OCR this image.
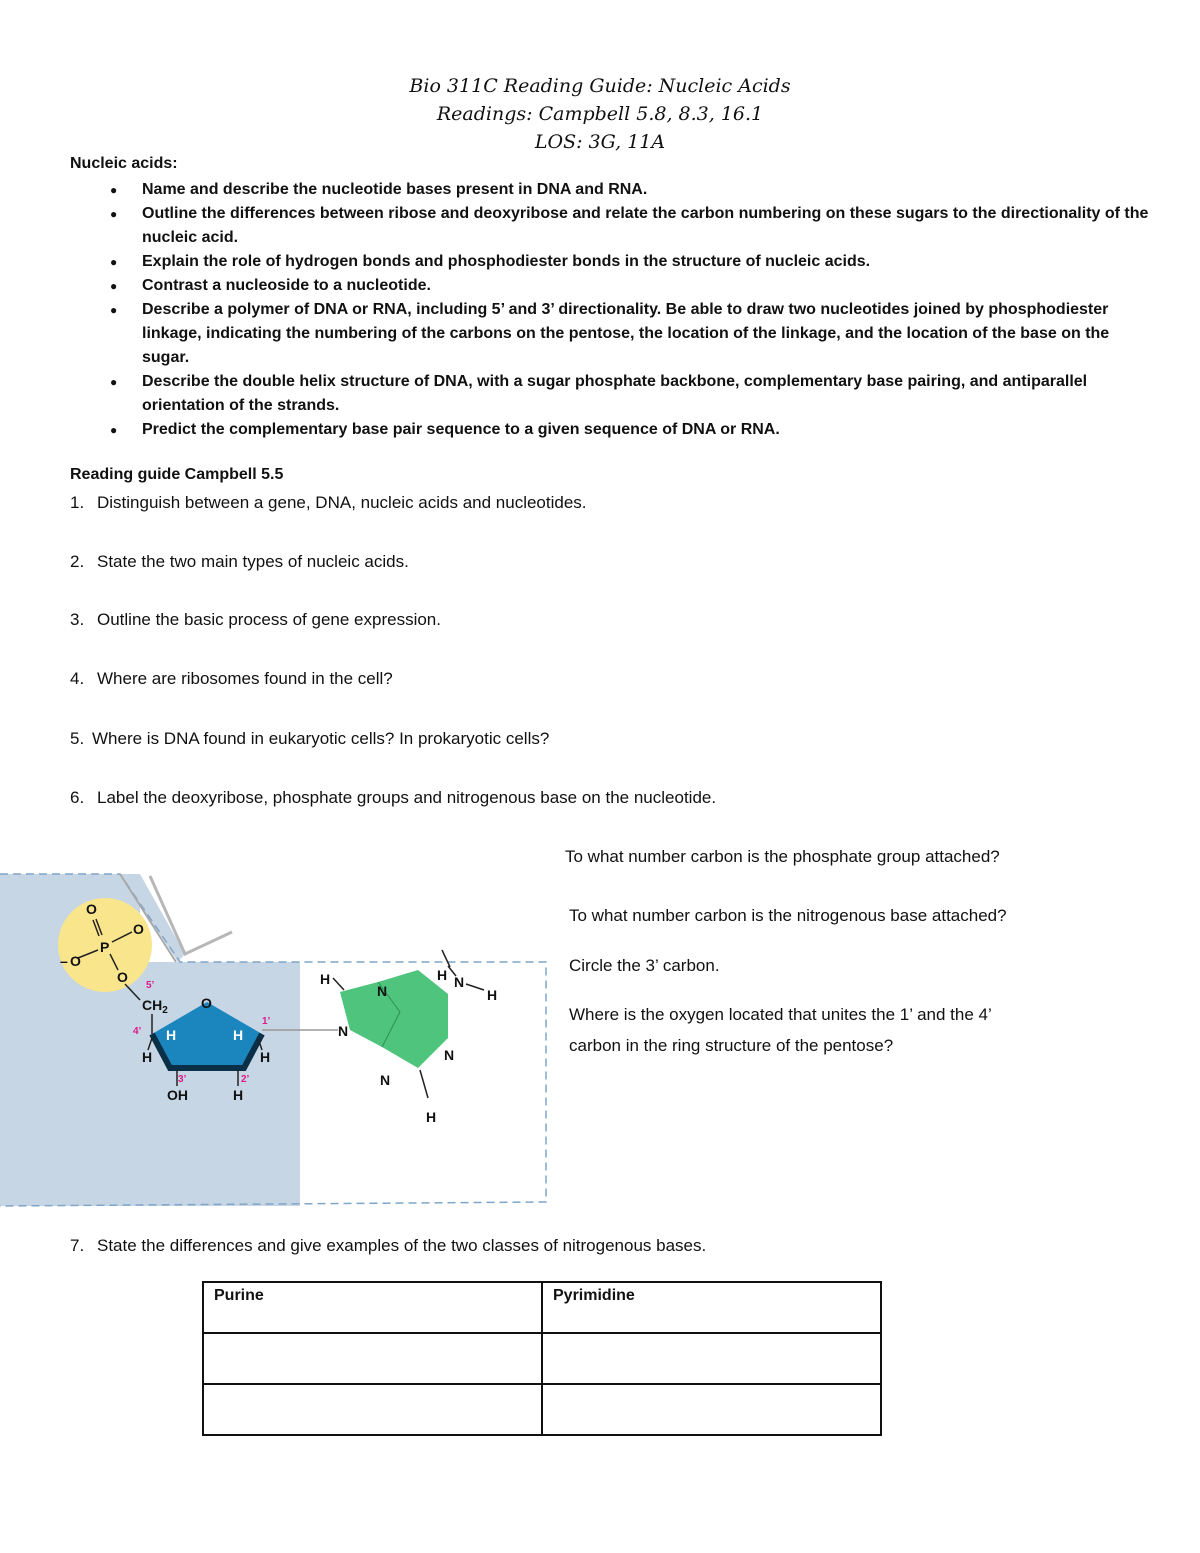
Bio 311C Reading Guide: Nucleic Acids
Readings: Campbell 5.8, 8.3, 16.1
LOS: 3G, 11A
Nucleic acids:
● Name and describe the nucleotide bases present in DNA and RNA.
● Outline the differences between ribose and deoxyribose and relate the carbon numbering on these sugars to the directionality of the nucleic acid.
● Explain the role of hydrogen bonds and phosphodiester bonds in the structure of nucleic acids.
● Contrast a nucleoside to a nucleotide.
● Describe a polymer of DNA or RNA, including 5’ and 3’ directionality. Be able to draw two nucleotides joined by phosphodiester linkage, indicating the numbering of the carbons on the pentose, the location of the linkage, and the location of the base on the sugar.
● Describe the double helix structure of DNA, with a sugar phosphate backbone, complementary base pairing, and antiparallel orientation of the strands.
● Predict the complementary base pair sequence to a given sequence of DNA or RNA.
Reading guide Campbell 5.5
1. Distinguish between a gene, DNA, nucleic acids and nucleotides.
2. State the two main types of nucleic acids.
3. Outline the basic process of gene expression.
4. Where are ribosomes found in the cell?
5. Where is DNA found in eukaryotic cells? In prokaryotic cells?
6. Label the deoxyribose, phosphate groups and nitrogenous base on the nucleotide.
To what number carbon is the phosphate group attached?
To what number carbon is the nitrogenous base attached?
Circle the 3’ carbon.
Where is the oxygen located that unites the 1’ and the 4’
carbon in the ring structure of the pentose?
O
O
P
– O
O
5’
$CH_2$ O
4’
1’
H	H
H	H
3’	2’
OH	H
H
N
N
H N
H
N
N
H
7. State the differences and give examples of the two classes of nitrogenous bases.
Purine	Pyrimidine
